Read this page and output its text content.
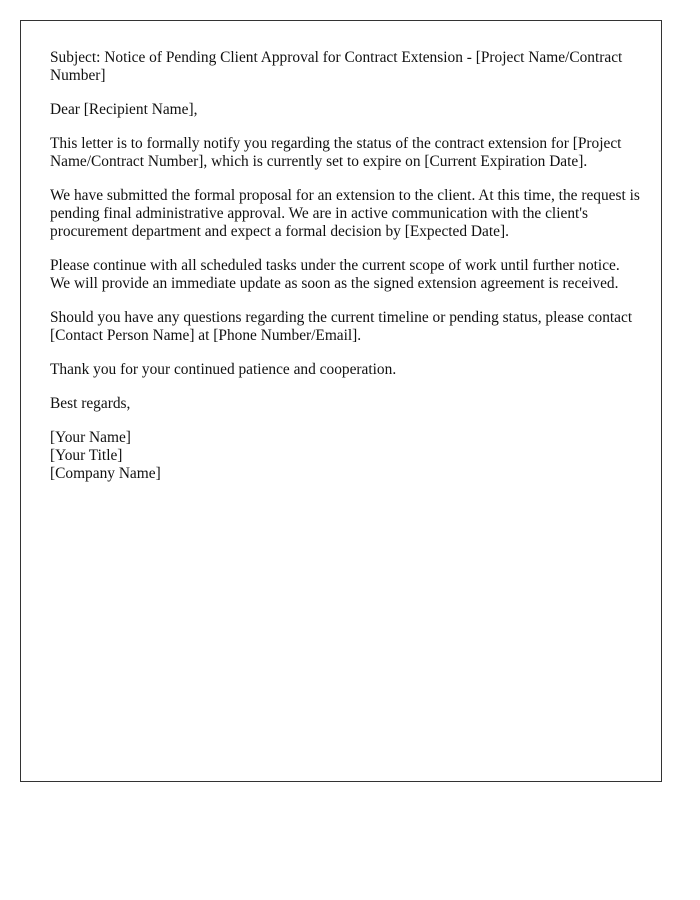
Subject: Notice of Pending Client Approval for Contract Extension - [Project Name/Contract Number]

Dear [Recipient Name],

This letter is to formally notify you regarding the status of the contract extension for [Project Name/Contract Number], which is currently set to expire on [Current Expiration Date].

We have submitted the formal proposal for an extension to the client. At this time, the request is pending final administrative approval. We are in active communication with the client's procurement department and expect a formal decision by [Expected Date].

Please continue with all scheduled tasks under the current scope of work until further notice. We will provide an immediate update as soon as the signed extension agreement is received.

Should you have any questions regarding the current timeline or pending status, please contact [Contact Person Name] at [Phone Number/Email].

Thank you for your continued patience and cooperation.

Best regards,

[Your Name]
[Your Title]
[Company Name]
